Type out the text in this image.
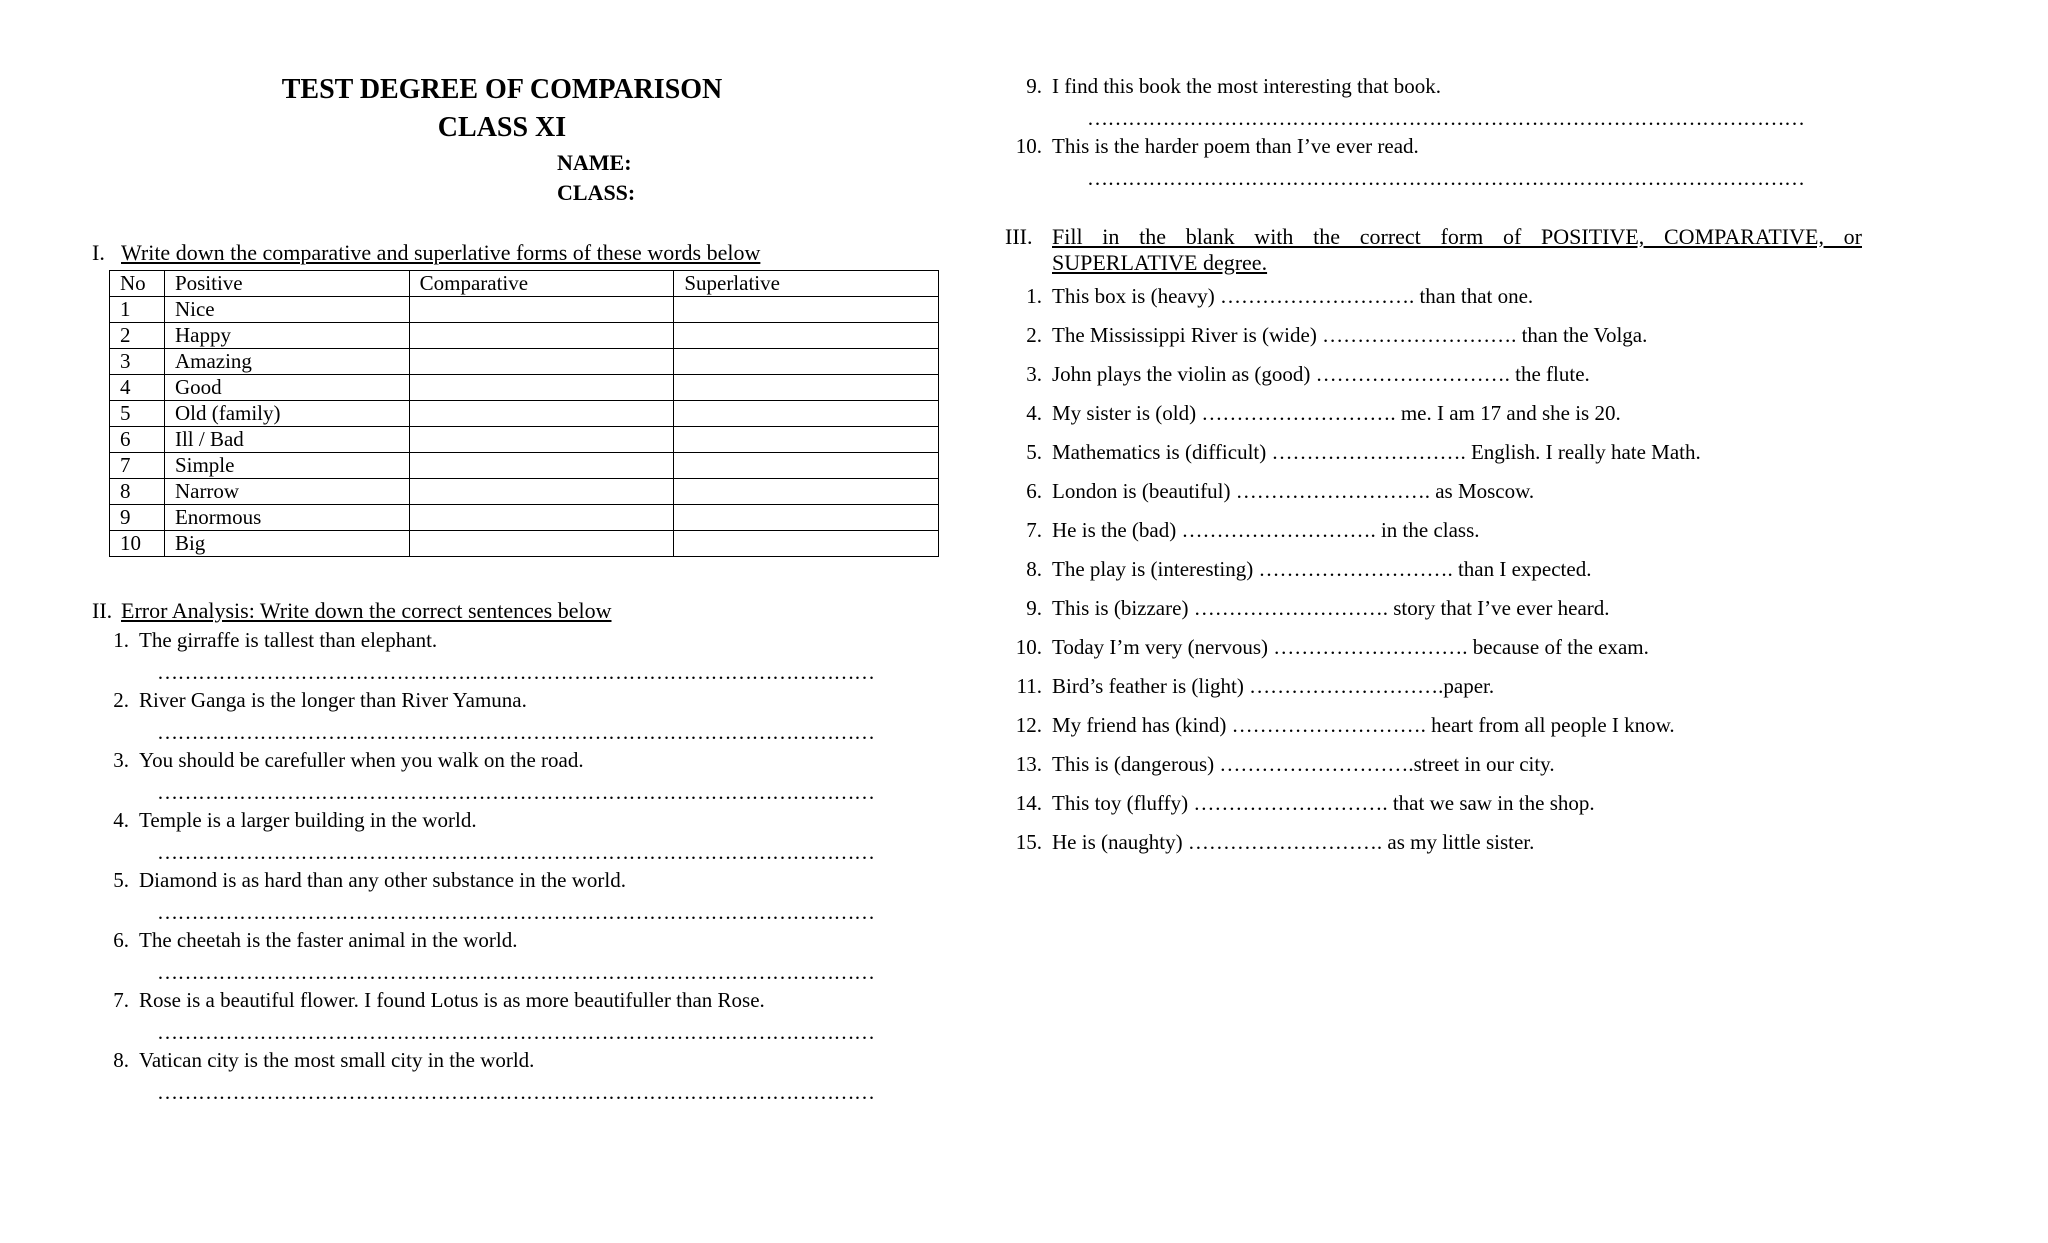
TEST DEGREE OF COMPARISON
CLASS XI
NAME:
CLASS:
I. Write down the comparative and superlative forms of these words below
No	Positive	Comparative	Superlative
1	Nice		
2	Happy		
3	Amazing		
4	Good		
5	Old (family)		
6	Ill / Bad		
7	Simple		
8	Narrow		
9	Enormous		
10	Big		
II. Error Analysis: Write down the correct sentences below
1. The girraffe is tallest than elephant.
……………………………………………………………………………………………
2. River Ganga is the longer than River Yamuna.
……………………………………………………………………………………………
3. You should be carefuller when you walk on the road.
……………………………………………………………………………………………
4. Temple is a larger building in the world.
……………………………………………………………………………………………
5. Diamond is as hard than any other substance in the world.
……………………………………………………………………………………………
6. The cheetah is the faster animal in the world.
……………………………………………………………………………………………
7. Rose is a beautiful flower. I found Lotus is as more beautifuller than Rose.
……………………………………………………………………………………………
8. Vatican city is the most small city in the world.
……………………………………………………………………………………………
9. I find this book the most interesting that book.
……………………………………………………………………………………………
10. This is the harder poem than I’ve ever read.
……………………………………………………………………………………………
III. Fill in the blank with the correct form of POSITIVE, COMPARATIVE, or
SUPERLATIVE degree.
1. This box is (heavy) ………………………. than that one.
2. The Mississippi River is (wide) ………………………. than the Volga.
3. John plays the violin as (good) ………………………. the flute.
4. My sister is (old) ………………………. me. I am 17 and she is 20.
5. Mathematics is (difficult) ………………………. English. I really hate Math.
6. London is (beautiful) ………………………. as Moscow.
7. He is the (bad) ………………………. in the class.
8. The play is (interesting) ………………………. than I expected.
9. This is (bizzare) ………………………. story that I’ve ever heard.
10. Today I’m very (nervous) ………………………. because of the exam.
11. Bird’s feather is (light) ……………………….paper.
12. My friend has (kind) ………………………. heart from all people I know.
13. This is (dangerous) ……………………….street in our city.
14. This toy (fluffy) ………………………. that we saw in the shop.
15. He is (naughty) ………………………. as my little sister.
